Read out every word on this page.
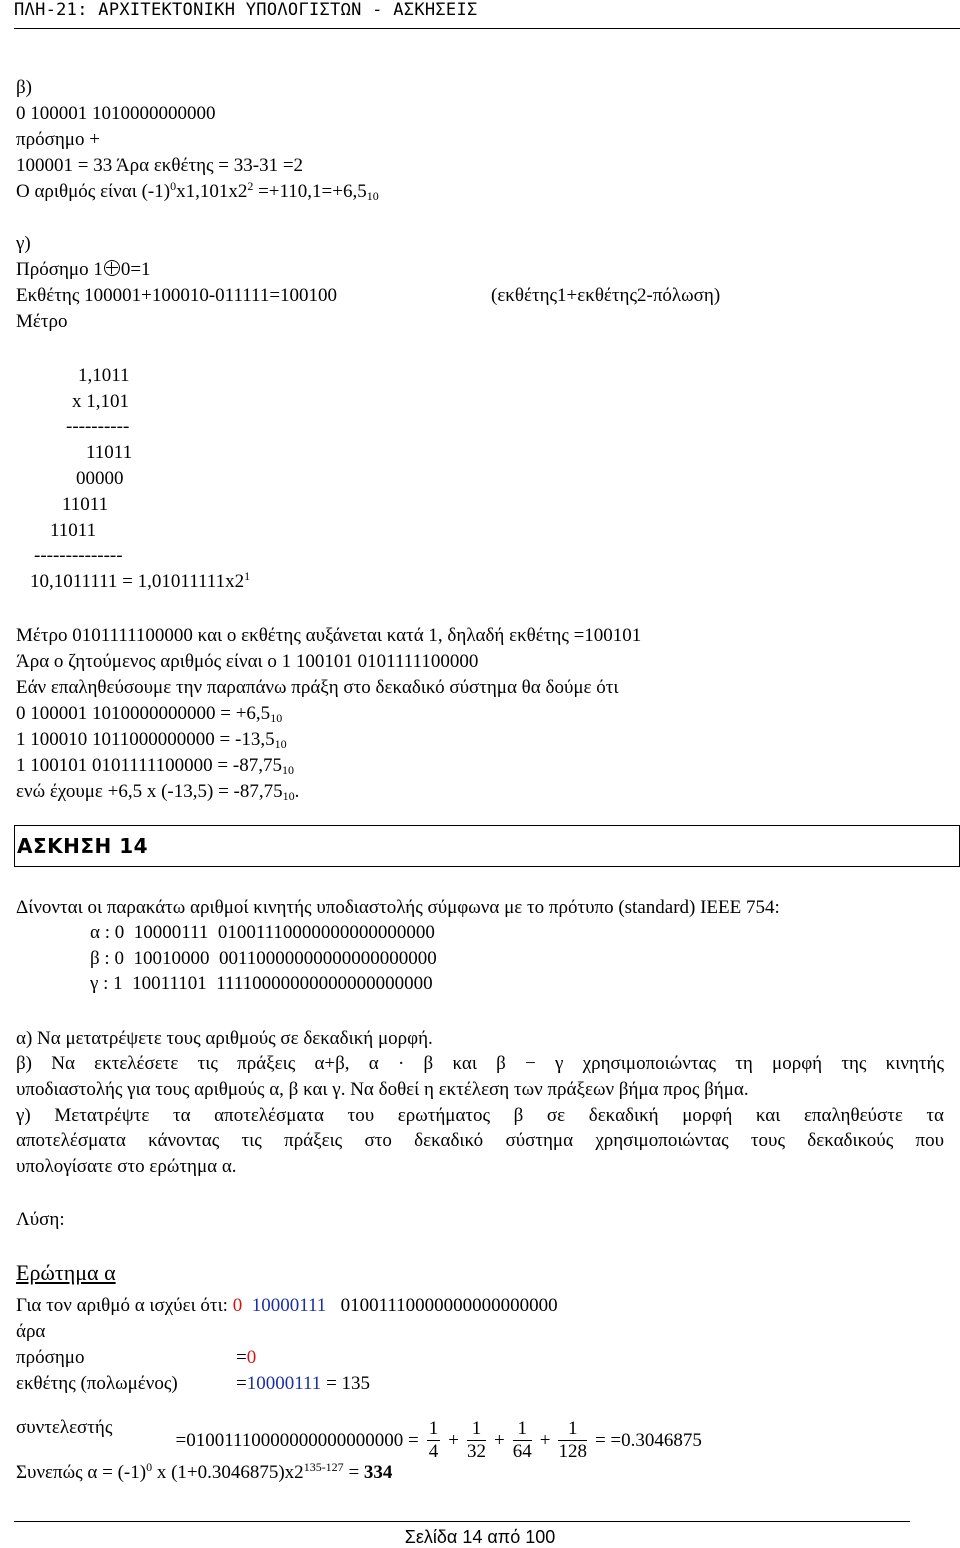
ΠΛΗ-21: ΑΡΧΙΤΕΚΤΟΝΙΚΗ ΥΠΟΛΟΓΙΣΤΩΝ - ΑΣΚΗΣΕΙΣ
β)
0 100001 1010000000000
πρόσημο +
100001 = 33 Άρα εκθέτης = 33-31 =2
Ο αριθμός είναι $(-1)^0x1,101x2^2 =+110,1=+6,5_{10}$
γ)
Πρόσημο 1 0=1
Εκθέτης 100001+100010-011111=100100	(εκθέτης1+εκθέτης2-πόλωση)
Μέτρο
1,1011
x 1,101
----------
11011
00000
11011
11011
--------------
$10,1011111 = 1,01011111x2^1$
Μέτρο 0101111100000 και ο εκθέτης αυξάνεται κατά 1, δηλαδή εκθέτης =100101
Άρα ο ζητούμενος αριθμός είναι ο 1 100101 0101111100000
Εάν επαληθεύσουμε την παραπάνω πράξη στο δεκαδικό σύστημα θα δούμε ότι
0 100001 $1010000000000 = +6,5_{10}$
1 100010 $1011000000000 = -13,5_{10}$
1 100101 $0101111100000 = -87,75_{10}$
ενώ έχουμε +6,5 x $(-13,5) = -87,75_{10}$.
ΑΣΚΗΣΗ 14
Δίνονται οι παρακάτω αριθμοί κινητής υποδιαστολής σύμφωνα με το πρότυπο (standard) IEEE 754:
α : 0  10000111  01001110000000000000000
β : 0  10010000  00110000000000000000000
γ : 1  10011101  11110000000000000000000
α) Να μετατρέψετε τους αριθμούς σε δεκαδική μορφή.
β) Να εκτελέσετε τις πράξεις α+β, α · β και β − γ χρησιμοποιώντας τη μορφή της κινητής
υποδιαστολής για τους αριθμούς α, β και γ. Να δοθεί η εκτέλεση των πράξεων βήμα προς βήμα.
γ) Μετατρέψτε τα αποτελέσματα του ερωτήματος β σε δεκαδική μορφή και επαληθεύστε τα
αποτελέσματα κάνοντας τις πράξεις στο δεκαδικό σύστημα χρησιμοποιώντας τους δεκαδικούς που
υπολογίσατε στο ερώτημα α.
Λύση:
Ερώτημα α
Για τον αριθμό α ισχύει ότι: 0 10000111 01001110000000000000000
άρα
πρόσημο	=0
εκθέτης (πολωμένος)	=10000111 = 135
συντελεστής

$=01001110000000000000000 = \frac{1}{4} + \frac{1}{32} + \frac{1}{64} + \frac{1}{128} = =0.3046875$

Συνεπώς $\alpha = (-1)^0$ x $(1+0.3046875)x2^{135-127} = 334$
Σελίδα 14 από 100
